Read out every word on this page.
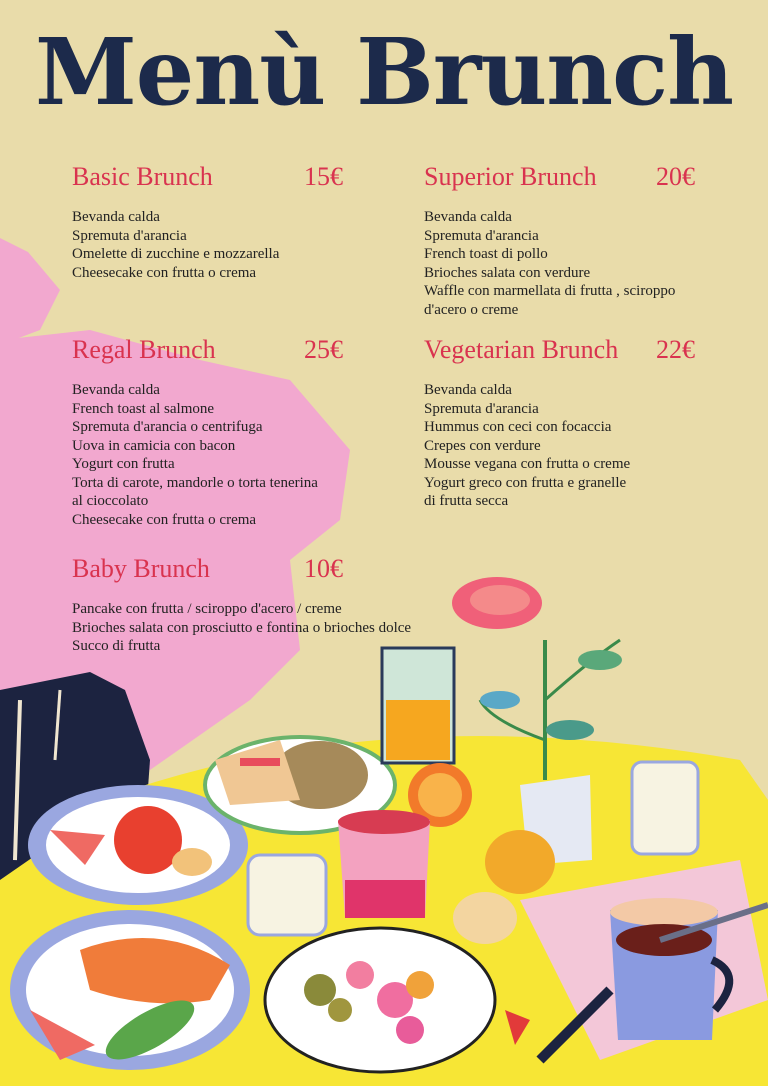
Menù Brunch
Basic Brunch	15€
Bevanda calda
Spremuta d'arancia
Omelette di zucchine e mozzarella
Cheesecake con frutta o crema
Superior Brunch 20€
Bevanda calda
Spremuta d'arancia
French toast di pollo
Brioches salata con verdure
Waffle con marmellata di frutta , sciroppo
d'acero o creme
Regal Brunch	25€
Bevanda calda
French toast al salmone
Spremuta d'arancia o centrifuga
Uova in camicia con bacon
Yogurt con frutta
Torta di carote, mandorle o torta tenerina
al cioccolato
Cheesecake con frutta o crema
Vegetarian Brunch 22€
Bevanda calda
Spremuta d'arancia
Hummus con ceci con focaccia
Crepes con verdure
Mousse vegana con frutta o creme
Yogurt greco con frutta e granelle
di frutta secca
Baby Brunch	10€
Pancake con frutta / sciroppo d'acero / creme
Brioches salata con prosciutto e fontina o brioches dolce
Succo di frutta
